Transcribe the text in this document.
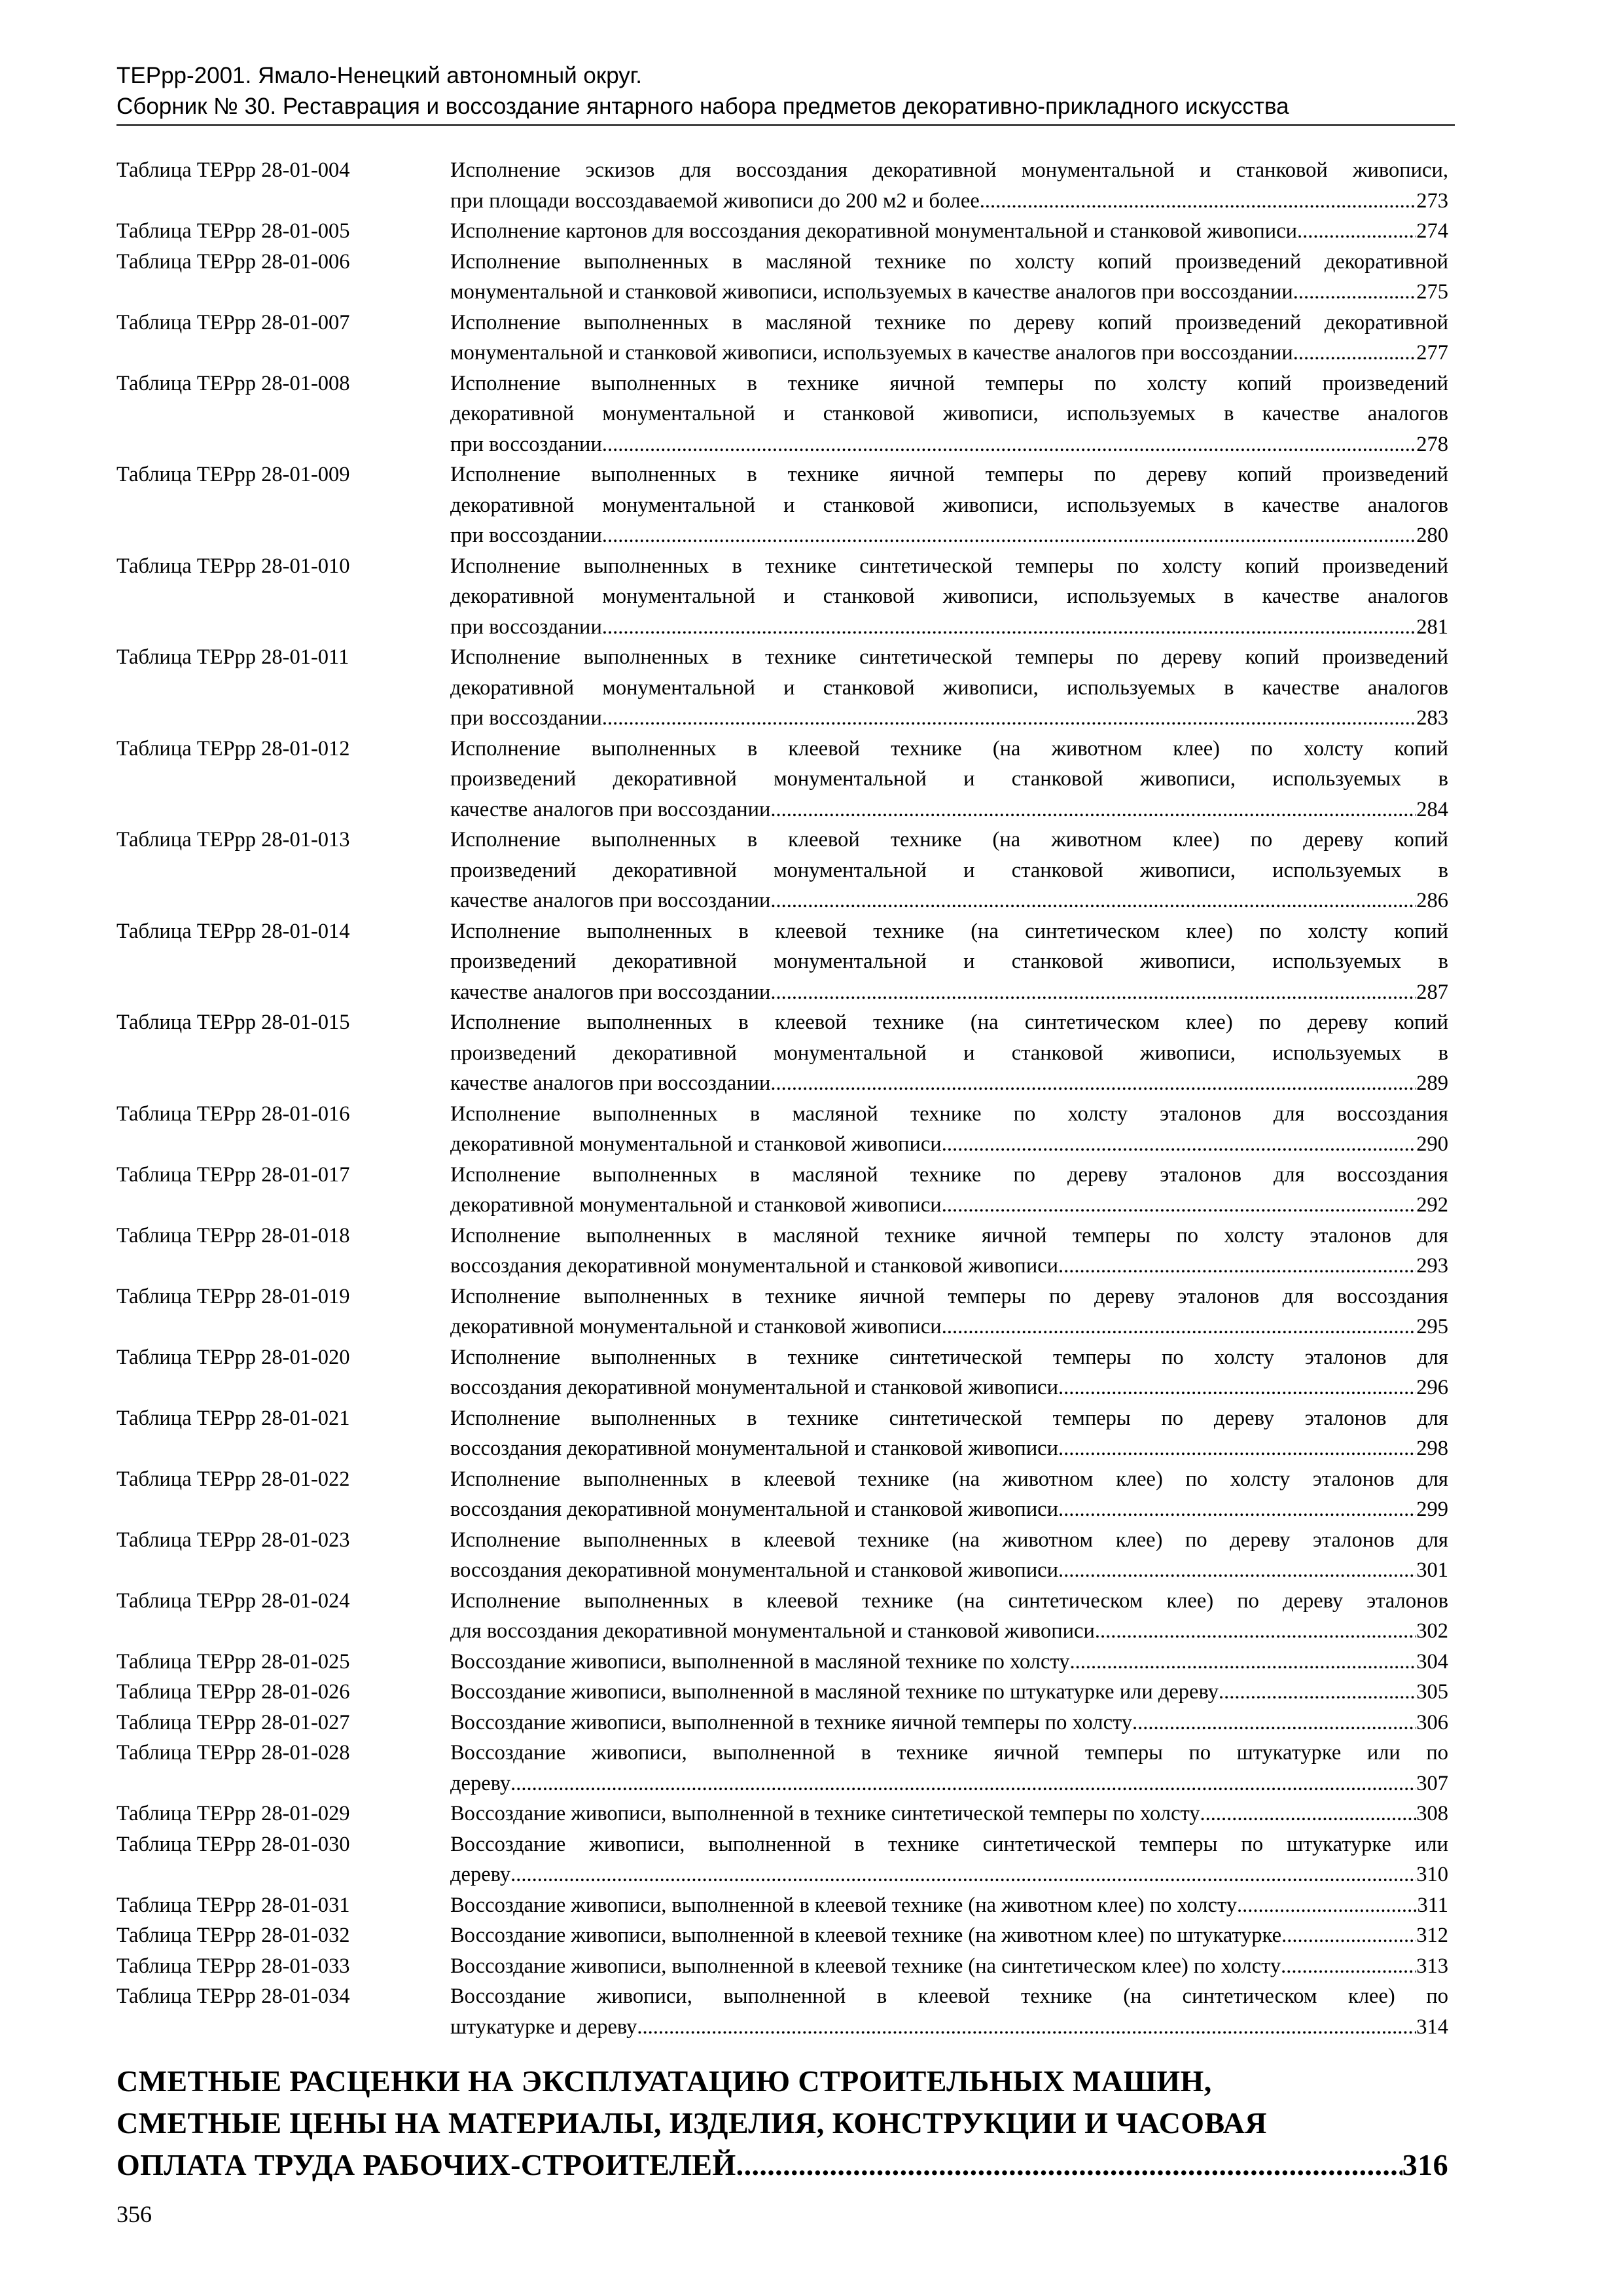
ТЕРрр-2001. Ямало-Ненецкий автономный округ.
Сборник № 30. Реставрация и воссоздание янтарного набора предметов декоративно-прикладного искусства
Таблица ТЕРрр 28-01-004	Исполнение эскизов для воссоздания декоративной монументальной и станковой живописи,
при площади воссоздаваемой живописи до 200 м2 и более .....	273
Таблица ТЕРрр 28-01-005	Исполнение картонов для воссоздания декоративной монументальной и станковой живописи .....	274
Таблица ТЕРрр 28-01-006	Исполнение выполненных в масляной технике по холсту копий произведений декоративной
монументальной и станковой живописи, используемых в качестве аналогов при воссоздании .....	275
Таблица ТЕРрр 28-01-007	Исполнение выполненных в масляной технике по дереву копий произведений декоративной
монументальной и станковой живописи, используемых в качестве аналогов при воссоздании .....	277
Таблица ТЕРрр 28-01-008	Исполнение выполненных в технике яичной темперы по холсту копий произведений
декоративной монументальной и станковой живописи, используемых в качестве аналогов
при воссоздании .....	278
Таблица ТЕРрр 28-01-009	Исполнение выполненных в технике яичной темперы по дереву копий произведений
декоративной монументальной и станковой живописи, используемых в качестве аналогов
при воссоздании .....	280
Таблица ТЕРрр 28-01-010	Исполнение выполненных в технике синтетической темперы по холсту копий произведений
декоративной монументальной и станковой живописи, используемых в качестве аналогов
при воссоздании .....	281
Таблица ТЕРрр 28-01-011	Исполнение выполненных в технике синтетической темперы по дереву копий произведений
декоративной монументальной и станковой живописи, используемых в качестве аналогов
при воссоздании .....	283
Таблица ТЕРрр 28-01-012	Исполнение выполненных в клеевой технике (на животном клее) по холсту копий
произведений декоративной монументальной и станковой живописи, используемых в
качестве аналогов при воссоздании .....	284
Таблица ТЕРрр 28-01-013	Исполнение выполненных в клеевой технике (на животном клее) по дереву копий
произведений декоративной монументальной и станковой живописи, используемых в
качестве аналогов при воссоздании .....	286
Таблица ТЕРрр 28-01-014	Исполнение выполненных в клеевой технике (на синтетическом клее) по холсту копий
произведений декоративной монументальной и станковой живописи, используемых в
качестве аналогов при воссоздании .....	287
Таблица ТЕРрр 28-01-015	Исполнение выполненных в клеевой технике (на синтетическом клее) по дереву копий
произведений декоративной монументальной и станковой живописи, используемых в
качестве аналогов при воссоздании .....	289
Таблица ТЕРрр 28-01-016	Исполнение выполненных в масляной технике по холсту эталонов для воссоздания
декоративной монументальной и станковой живописи .....	290
Таблица ТЕРрр 28-01-017	Исполнение выполненных в масляной технике по дереву эталонов для воссоздания
декоративной монументальной и станковой живописи .....	292
Таблица ТЕРрр 28-01-018	Исполнение выполненных в масляной технике яичной темперы по холсту эталонов для
воссоздания декоративной монументальной и станковой живописи .....	293
Таблица ТЕРрр 28-01-019	Исполнение выполненных в технике яичной темперы по дереву эталонов для воссоздания
декоративной монументальной и станковой живописи .....	295
Таблица ТЕРрр 28-01-020	Исполнение выполненных в технике синтетической темперы по холсту эталонов для
воссоздания декоративной монументальной и станковой живописи .....	296
Таблица ТЕРрр 28-01-021	Исполнение выполненных в технике синтетической темперы по дереву эталонов для
воссоздания декоративной монументальной и станковой живописи .....	298
Таблица ТЕРрр 28-01-022	Исполнение выполненных в клеевой технике (на животном клее) по холсту эталонов для
воссоздания декоративной монументальной и станковой живописи .....	299
Таблица ТЕРрр 28-01-023	Исполнение выполненных в клеевой технике (на животном клее) по дереву эталонов для
воссоздания декоративной монументальной и станковой живописи .....	301
Таблица ТЕРрр 28-01-024	Исполнение выполненных в клеевой технике (на синтетическом клее) по дереву эталонов
для воссоздания декоративной монументальной и станковой живописи .....	302
Таблица ТЕРрр 28-01-025	Воссоздание живописи, выполненной в масляной технике по холсту .....	304
Таблица ТЕРрр 28-01-026	Воссоздание живописи, выполненной в масляной технике по штукатурке или дереву .....	305
Таблица ТЕРрр 28-01-027	Воссоздание живописи, выполненной в технике яичной темперы по холсту .....	306
Таблица ТЕРрр 28-01-028	Воссоздание живописи, выполненной в технике яичной темперы по штукатурке или по
дереву .....	307
Таблица ТЕРрр 28-01-029	Воссоздание живописи, выполненной в технике синтетической темперы по холсту .....	308
Таблица ТЕРрр 28-01-030	Воссоздание живописи, выполненной в технике синтетической темперы по штукатурке или
дереву .....	310
Таблица ТЕРрр 28-01-031	Воссоздание живописи, выполненной в клеевой технике (на животном клее) по холсту .....	311
Таблица ТЕРрр 28-01-032	Воссоздание живописи, выполненной в клеевой технике (на животном клее) по штукатурке .....	312
Таблица ТЕРрр 28-01-033	Воссоздание живописи, выполненной в клеевой технике (на синтетическом клее) по холсту .....	313
Таблица ТЕРрр 28-01-034	Воссоздание живописи, выполненной в клеевой технике (на синтетическом клее) по
штукатурке и дереву .....	314
СМЕТНЫЕ РАСЦЕНКИ НА ЭКСПЛУАТАЦИЮ СТРОИТЕЛЬНЫХ МАШИН,
СМЕТНЫЕ ЦЕНЫ НА МАТЕРИАЛЫ, ИЗДЕЛИЯ, КОНСТРУКЦИИ И ЧАСОВАЯ
ОПЛАТА ТРУДА РАБОЧИХ-СТРОИТЕЛЕЙ .....	316
356
